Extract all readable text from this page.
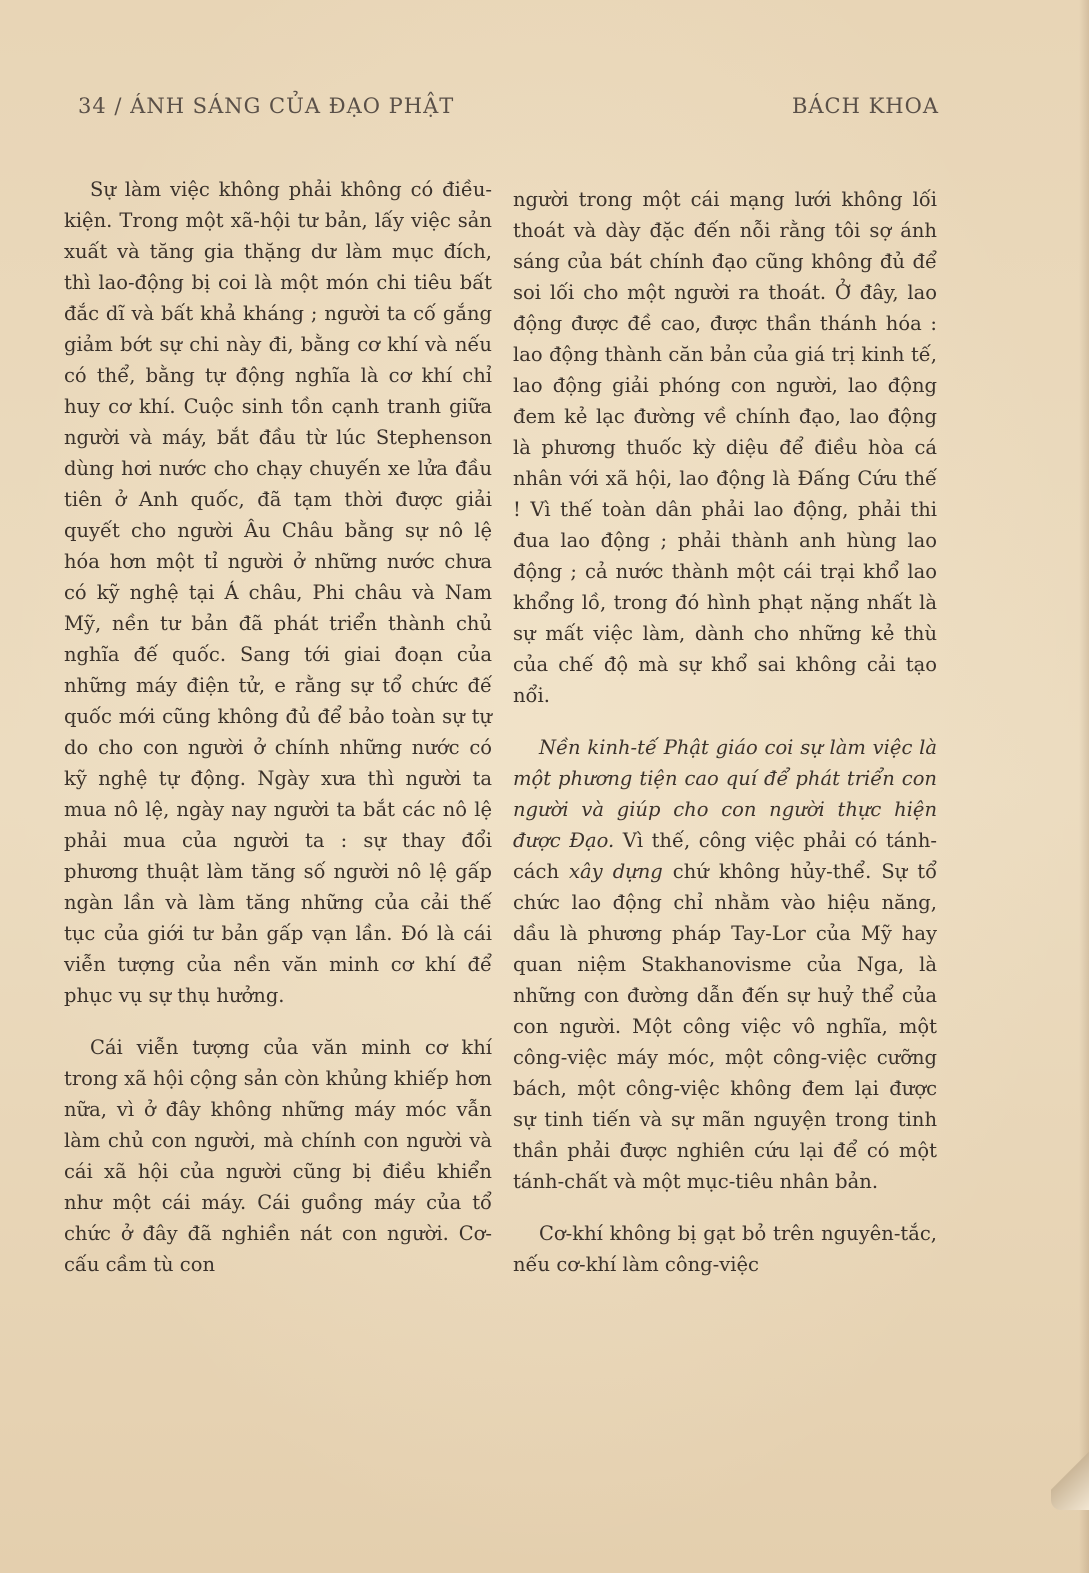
34 / ÁNH SÁNG CỦA ĐẠO PHẬT	BÁCH KHOA

Sự làm việc không phải không có điều-kiện. Trong một xã-hội tư bản, lấy việc sản xuất và tăng gia thặng dư làm mục đích, thì lao-động bị coi là một món chi tiêu bất đắc dĩ và bất khả kháng ; người ta cố gắng giảm bớt sự chi này đi, bằng cơ khí và nếu có thể, bằng tự động nghĩa là cơ khí chỉ huy cơ khí. Cuộc sinh tồn cạnh tranh giữa người và máy, bắt đầu từ lúc Stephenson dùng hơi nước cho chạy chuyến xe lửa đầu tiên ở Anh quốc, đã tạm thời được giải quyết cho người Âu Châu bằng sự nô lệ hóa hơn một tỉ người ở những nước chưa có kỹ nghệ tại Á châu, Phi châu và Nam Mỹ, nền tư bản đã phát triển thành chủ nghĩa đế quốc. Sang tới giai đoạn của những máy điện tử, e rằng sự tổ chức đế quốc mới cũng không đủ để bảo toàn sự tự do cho con người ở chính những nước có kỹ nghệ tự động. Ngày xưa thì người ta mua nô lệ, ngày nay người ta bắt các nô lệ phải mua của người ta : sự thay đổi phương thuật làm tăng số người nô lệ gấp ngàn lần và làm tăng những của cải thế tục của giới tư bản gấp vạn lần. Đó là cái viễn tượng của nền văn minh cơ khí để phục vụ sự thụ hưởng.

Cái viễn tượng của văn minh cơ khí trong xã hội cộng sản còn khủng khiếp hơn nữa, vì ở đây không những máy móc vẫn làm chủ con người, mà chính con người và cái xã hội của người cũng bị điều khiển như một cái máy. Cái guồng máy của tổ chức ở đây đã nghiền nát con người. Cơ-cấu cầm tù con

người trong một cái mạng lưới không lối thoát và dày đặc đến nỗi rằng tôi sợ ánh sáng của bát chính đạo cũng không đủ để soi lối cho một người ra thoát. Ở đây, lao động được đề cao, được thần thánh hóa : lao động thành căn bản của giá trị kinh tế, lao động giải phóng con người, lao động đem kẻ lạc đường về chính đạo, lao động là phương thuốc kỳ diệu để điều hòa cá nhân với xã hội, lao động là Đấng Cứu thế ! Vì thế toàn dân phải lao động, phải thi đua lao động ; phải thành anh hùng lao động ; cả nước thành một cái trại khổ lao khổng lồ, trong đó hình phạt nặng nhất là sự mất việc làm, dành cho những kẻ thù của chế độ mà sự khổ sai không cải tạo nổi.

Nền kinh-tế Phật giáo coi sự làm việc là một phương tiện cao quí để phát triển con người và giúp cho con người thực hiện được Đạo. Vì thế, công việc phải có tánh-cách xây dựng chứ không hủy-thể. Sự tổ chức lao động chỉ nhằm vào hiệu năng, dầu là phương pháp Tay-Lor của Mỹ hay quan niệm Stakhanovisme của Nga, là những con đường dẫn đến sự huỷ thể của con người. Một công việc vô nghĩa, một công-việc máy móc, một công-việc cưỡng bách, một công-việc không đem lại được sự tinh tiến và sự mãn nguyện trong tinh thần phải được nghiên cứu lại để có một tánh-chất và một mục-tiêu nhân bản.

Cơ-khí không bị gạt bỏ trên nguyên-tắc, nếu cơ-khí làm công-việc
